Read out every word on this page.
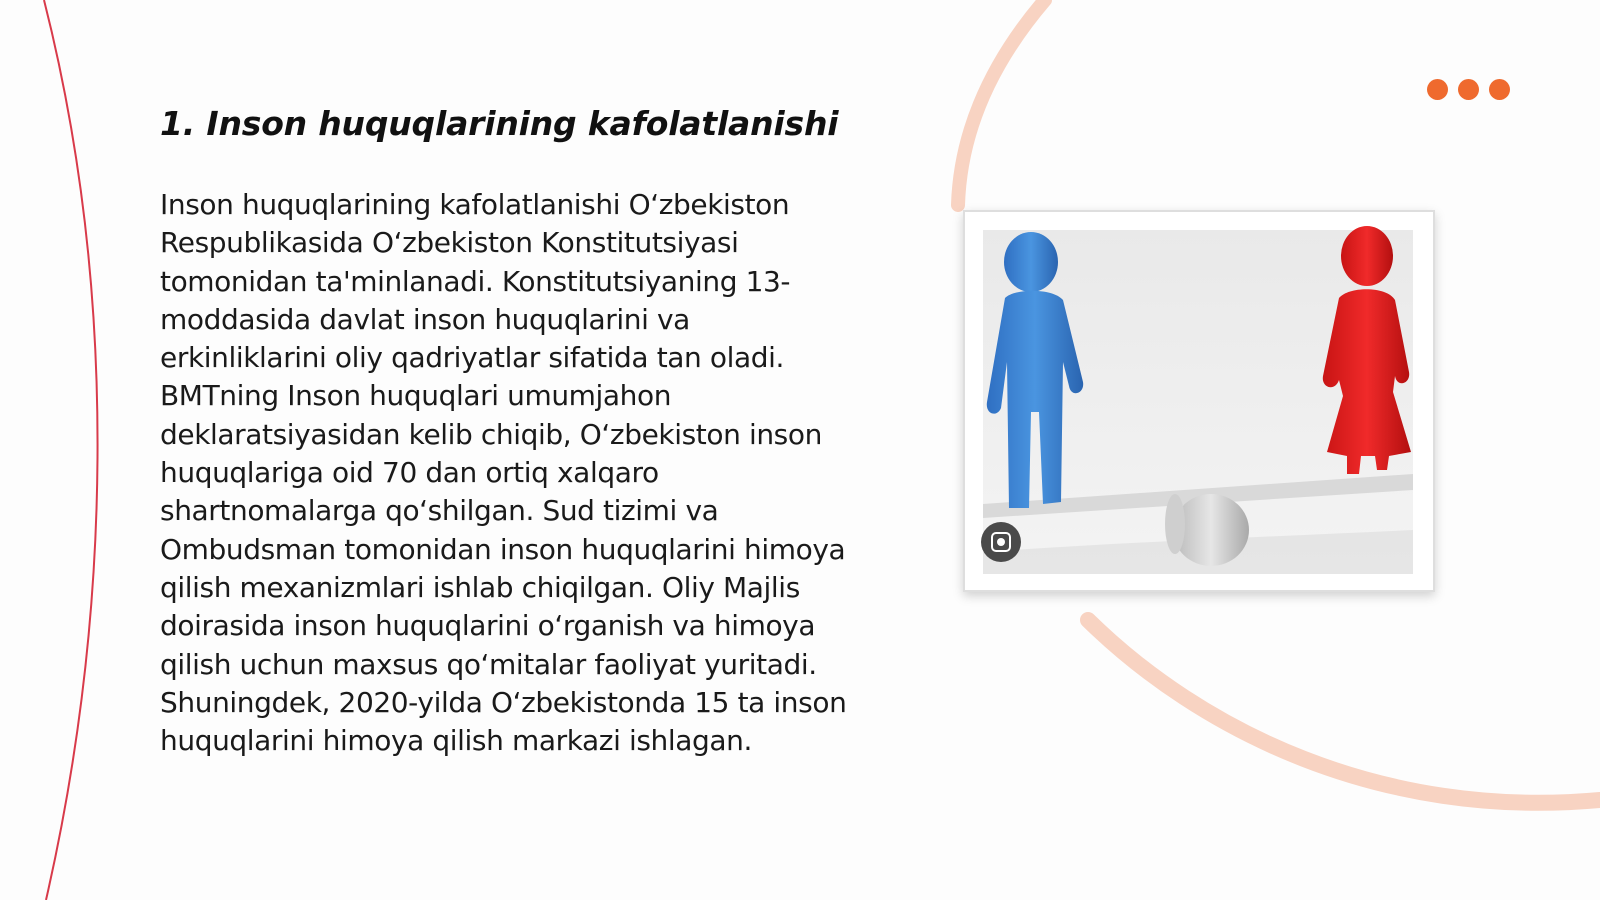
1. Inson huquqlarining kafolatlanishi

Inson huquqlarining kafolatlanishi O‘zbekiston Respublikasida O‘zbekiston Konstitutsiyasi tomonidan ta'minlanadi. Konstitutsiyaning 13-moddasida davlat inson huquqlarini va erkinliklarini oliy qadriyatlar sifatida tan oladi. BMTning Inson huquqlari umumjahon deklaratsiyasidan kelib chiqib, O‘zbekiston inson huquqlariga oid 70 dan ortiq xalqaro shartnomalarga qo‘shilgan. Sud tizimi va Ombudsman tomonidan inson huquqlarini himoya qilish mexanizmlari ishlab chiqilgan. Oliy Majlis doirasida inson huquqlarini o‘rganish va himoya qilish uchun maxsus qo‘mitalar faoliyat yuritadi. Shuningdek, 2020-yilda O‘zbekistonda 15 ta inson huquqlarini himoya qilish markazi ishlagan.
